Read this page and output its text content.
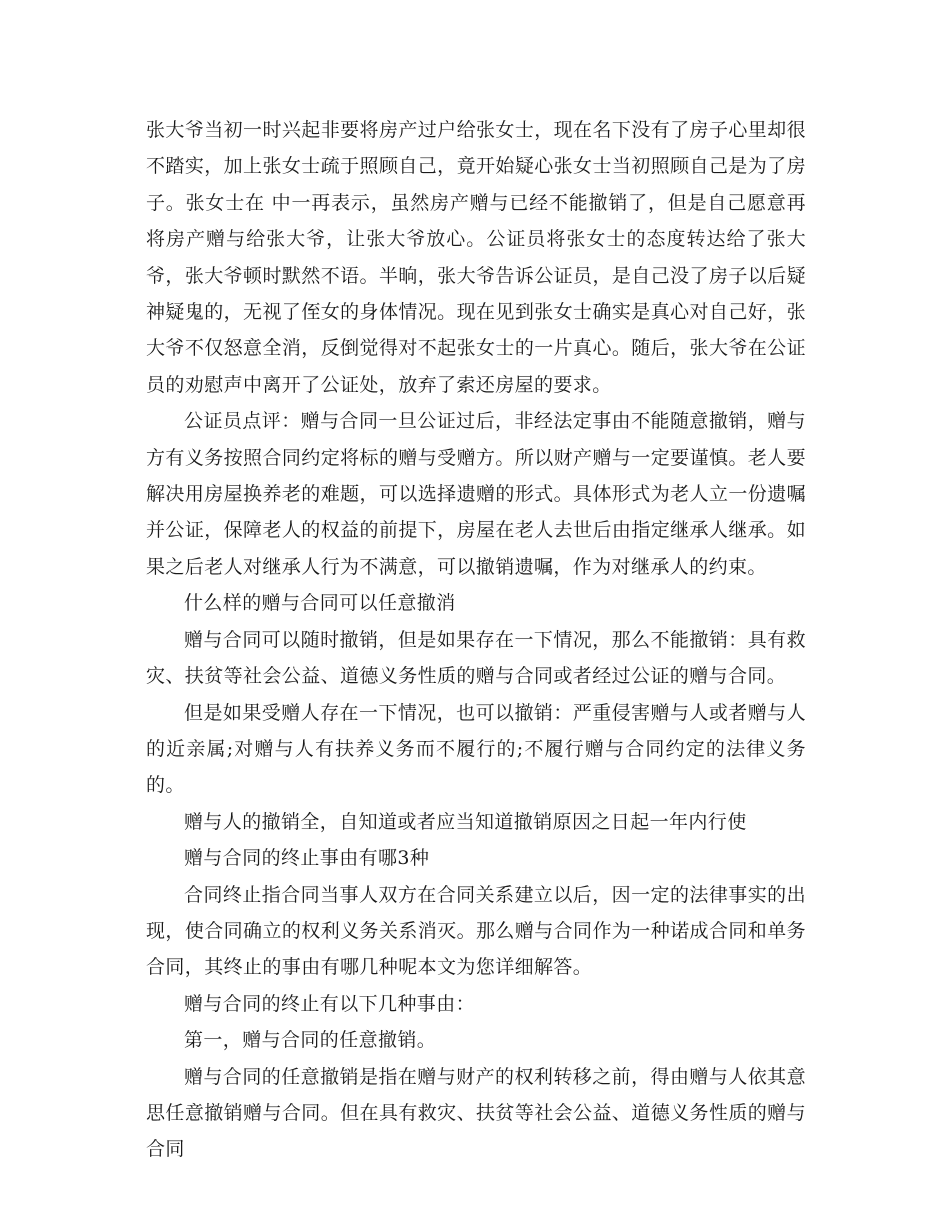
张大爷当初一时兴起非要将房产过户给张女士，现在名下没有了房子心里却很不踏实，加上张女士疏于照顾自己，竟开始疑心张女士当初照顾自己是为了房子。张女士在 中一再表示，虽然房产赠与已经不能撤销了，但是自己愿意再将房产赠与给张大爷，让张大爷放心。公证员将张女士的态度转达给了张大爷，张大爷顿时默然不语。半晌，张大爷告诉公证员，是自己没了房子以后疑神疑鬼的，无视了侄女的身体情况。现在见到张女士确实是真心对自己好，张大爷不仅怒意全消，反倒觉得对不起张女士的一片真心。随后，张大爷在公证员的劝慰声中离开了公证处，放弃了索还房屋的要求。

公证员点评：赠与合同一旦公证过后，非经法定事由不能随意撤销，赠与方有义务按照合同约定将标的赠与受赠方。所以财产赠与一定要谨慎。老人要解决用房屋换养老的难题，可以选择遗赠的形式。具体形式为老人立一份遗嘱并公证，保障老人的权益的前提下，房屋在老人去世后由指定继承人继承。如果之后老人对继承人行为不满意，可以撤销遗嘱，作为对继承人的约束。

什么样的赠与合同可以任意撤消

赠与合同可以随时撤销，但是如果存在一下情况，那么不能撤销：具有救灾、扶贫等社会公益、道德义务性质的赠与合同或者经过公证的赠与合同。

但是如果受赠人存在一下情况，也可以撤销：严重侵害赠与人或者赠与人的近亲属;对赠与人有扶养义务而不履行的;不履行赠与合同约定的法律义务的。

赠与人的撤销全，自知道或者应当知道撤销原因之日起一年内行使

赠与合同的终止事由有哪3种

合同终止指合同当事人双方在合同关系建立以后，因一定的法律事实的出现，使合同确立的权利义务关系消灭。那么赠与合同作为一种诺成合同和单务合同，其终止的事由有哪几种呢本文为您详细解答。

赠与合同的终止有以下几种事由：

第一，赠与合同的任意撤销。

赠与合同的任意撤销是指在赠与财产的权利转移之前，得由赠与人依其意思任意撤销赠与合同。但在具有救灾、扶贫等社会公益、道德义务性质的赠与合同
